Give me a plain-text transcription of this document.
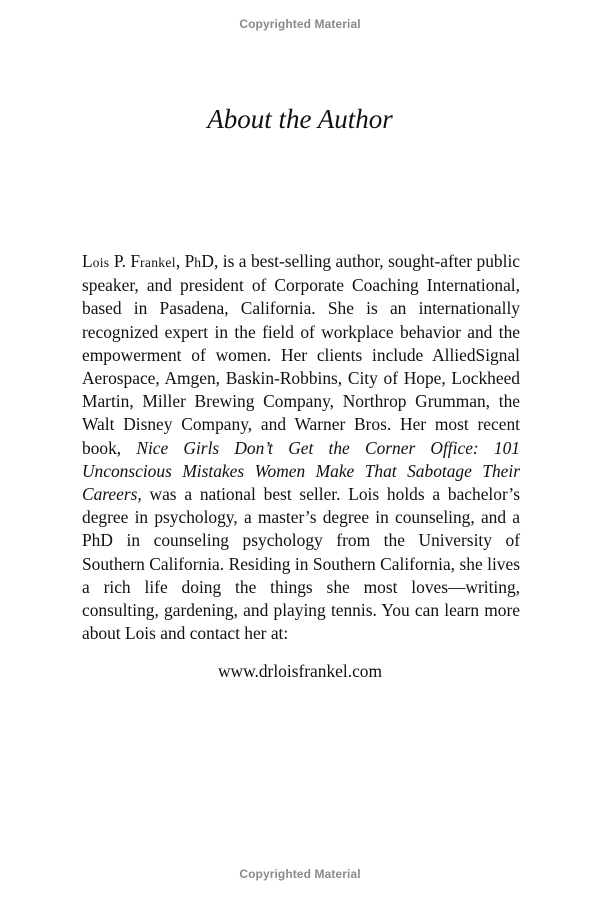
Copyrighted Material
About the Author

Lois P. Frankel, PhD, is a best-selling author, sought-after public speaker, and president of Corporate Coaching International, based in Pasadena, California. She is an internationally recognized expert in the field of workplace behavior and the empowerment of women. Her clients include AlliedSignal Aerospace, Amgen, Baskin-Robbins, City of Hope, Lockheed Martin, Miller Brewing Company, Northrop Grumman, the Walt Disney Company, and Warner Bros. Her most recent book, Nice Girls Don’t Get the Corner Office: 101 Unconscious Mistakes Women Make That Sabotage Their Careers, was a national best seller. Lois holds a bachelor’s degree in psychology, a master’s degree in counseling, and a PhD in counseling psychology from the University of Southern California. Residing in Southern California, she lives a rich life doing the things she most loves—writing, consulting, gardening, and playing tennis. You can learn more about Lois and contact her at:

www.drloisfrankel.com

Copyrighted Material
